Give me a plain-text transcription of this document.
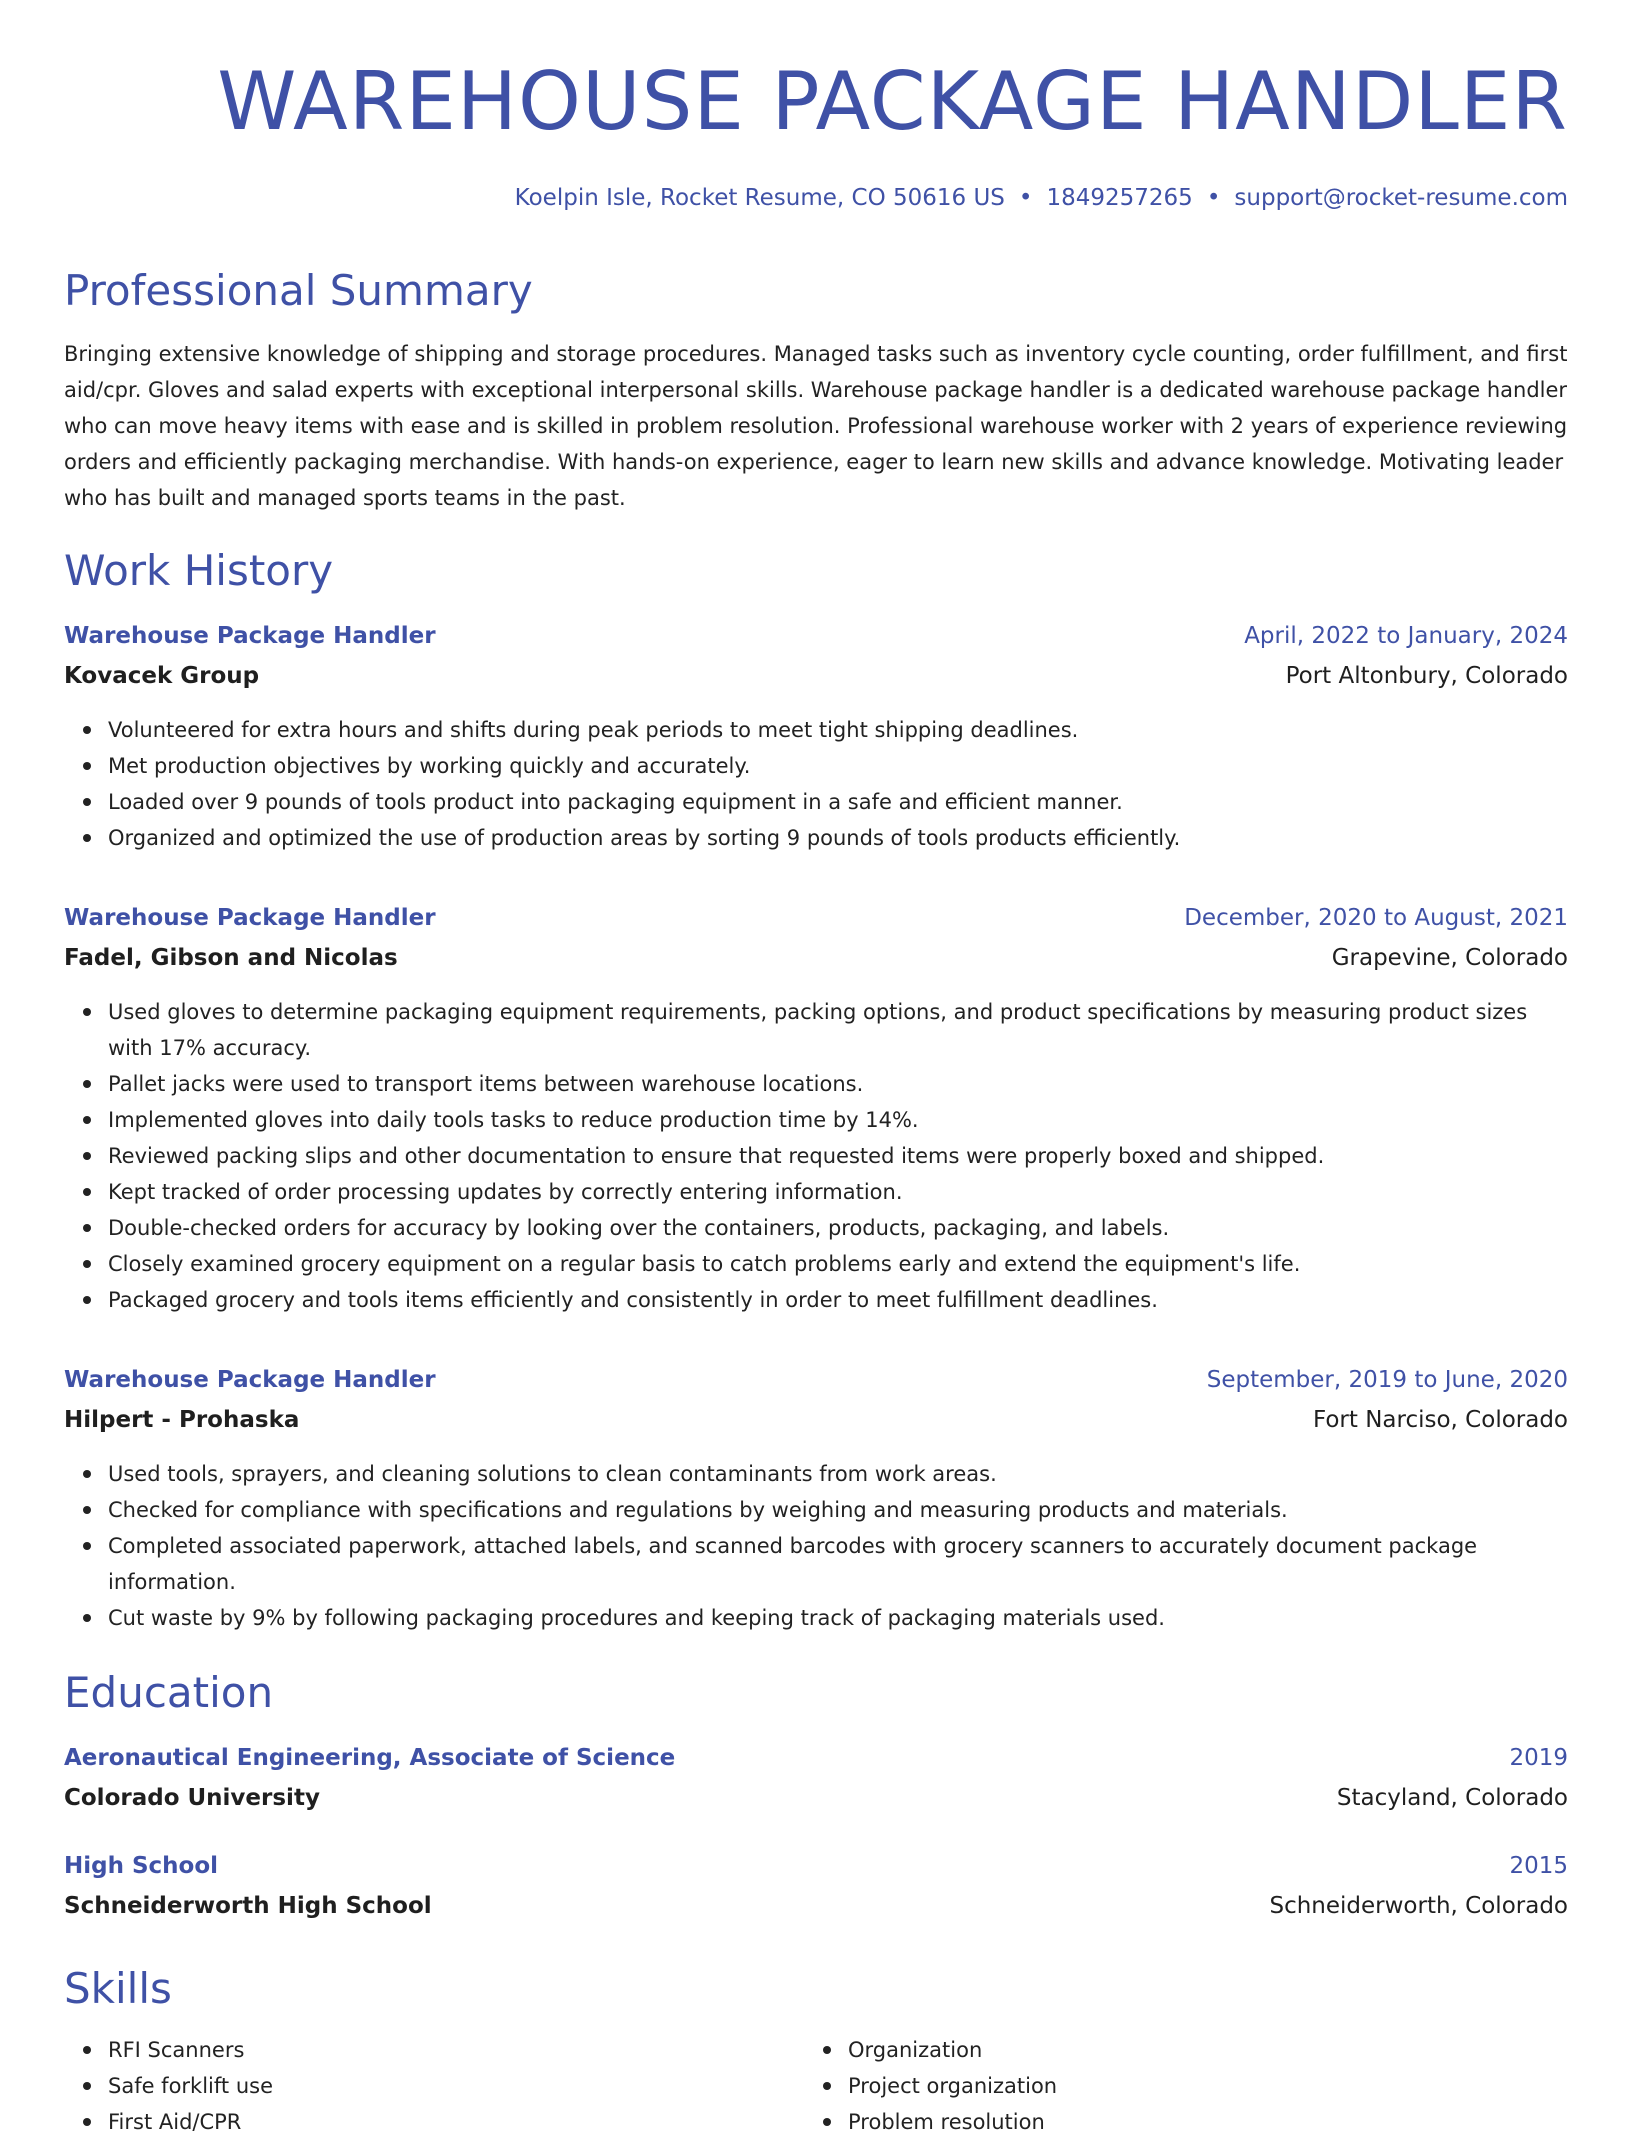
WAREHOUSE PACKAGE HANDLER
Koelpin Isle, Rocket Resume, CO 50616 US • 1849257265 • support@rocket-resume.com
Professional Summary

Bringing extensive knowledge of shipping and storage procedures. Managed tasks such as inventory cycle counting, order fulfillment, and first aid/cpr. Gloves and salad experts with exceptional interpersonal skills. Warehouse package handler is a dedicated warehouse package handler who can move heavy items with ease and is skilled in problem resolution. Professional warehouse worker with 2 years of experience reviewing orders and efficiently packaging merchandise. With hands-on experience, eager to learn new skills and advance knowledge. Motivating leader who has built and managed sports teams in the past.

Work History
Warehouse Package Handler	April, 2022 to January, 2024
Kovacek Group	Port Altonbury, Colorado
Volunteered for extra hours and shifts during peak periods to meet tight shipping deadlines.
Met production objectives by working quickly and accurately.
Loaded over 9 pounds of tools product into packaging equipment in a safe and efficient manner.
Organized and optimized the use of production areas by sorting 9 pounds of tools products efficiently.
Warehouse Package Handler	December, 2020 to August, 2021
Fadel, Gibson and Nicolas	Grapevine, Colorado
Used gloves to determine packaging equipment requirements, packing options, and product specifications by measuring product sizes with 17% accuracy.
Pallet jacks were used to transport items between warehouse locations.
Implemented gloves into daily tools tasks to reduce production time by 14%.
Reviewed packing slips and other documentation to ensure that requested items were properly boxed and shipped.
Kept tracked of order processing updates by correctly entering information.
Double-checked orders for accuracy by looking over the containers, products, packaging, and labels.
Closely examined grocery equipment on a regular basis to catch problems early and extend the equipment's life.
Packaged grocery and tools items efficiently and consistently in order to meet fulfillment deadlines.
Warehouse Package Handler	September, 2019 to June, 2020
Hilpert - Prohaska	Fort Narciso, Colorado
Used tools, sprayers, and cleaning solutions to clean contaminants from work areas.
Checked for compliance with specifications and regulations by weighing and measuring products and materials.
Completed associated paperwork, attached labels, and scanned barcodes with grocery scanners to accurately document package information.
Cut waste by 9% by following packaging procedures and keeping track of packaging materials used.
Education
Aeronautical Engineering, Associate of Science	2019
Colorado University	Stacyland, Colorado
High School	2015
Schneiderworth High School	Schneiderworth, Colorado
Skills
RFI Scanners
Safe forklift use
First Aid/CPR
Organization
Project organization
Problem resolution
